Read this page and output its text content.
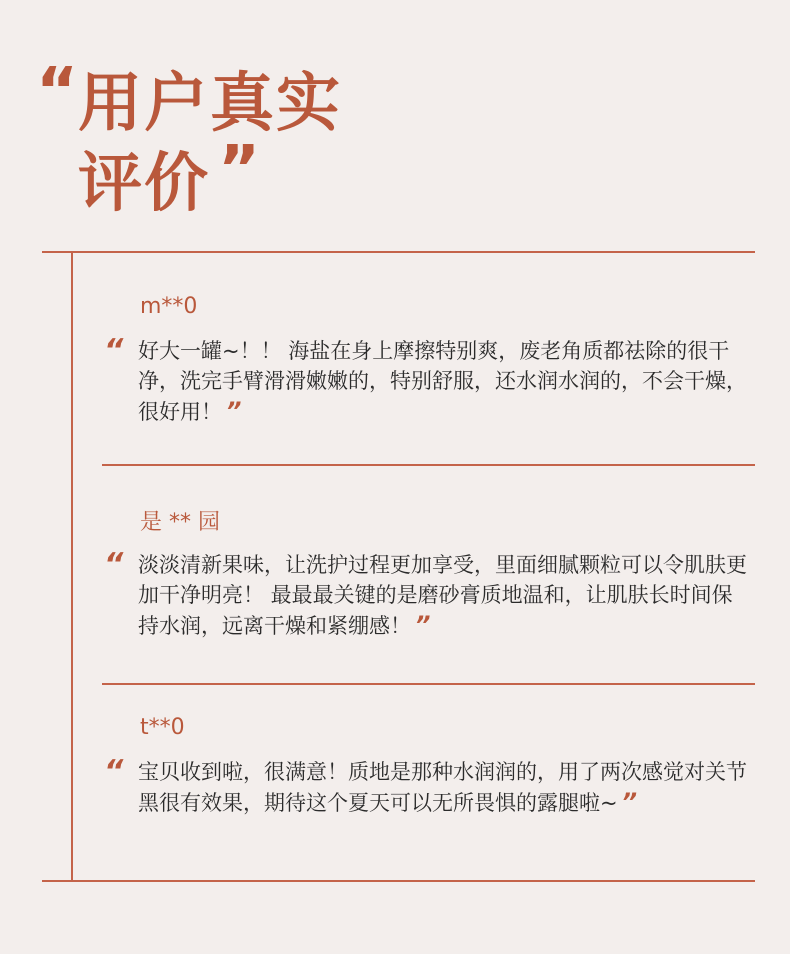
“ 用户真实
评价 ”
m**0
“ 好大一罐~！！ 海盐在身上摩擦特别爽，废老角质都祛除的很干净，洗完手臂滑滑嫩嫩的，特别舒服，还水润水润的，不会干燥，很好用！ ”
是 ** 园
“ 淡淡清新果味，让洗护过程更加享受，里面细腻颗粒可以令肌肤更加干净明亮！ 最最最关键的是磨砂膏质地温和，让肌肤长时间保持水润，远离干燥和紧绷感！ ”
t**0
“ 宝贝收到啦，很满意！质地是那种水润润的，用了两次感觉对关节黑很有效果，期待这个夏天可以无所畏惧的露腿啦~ ”
